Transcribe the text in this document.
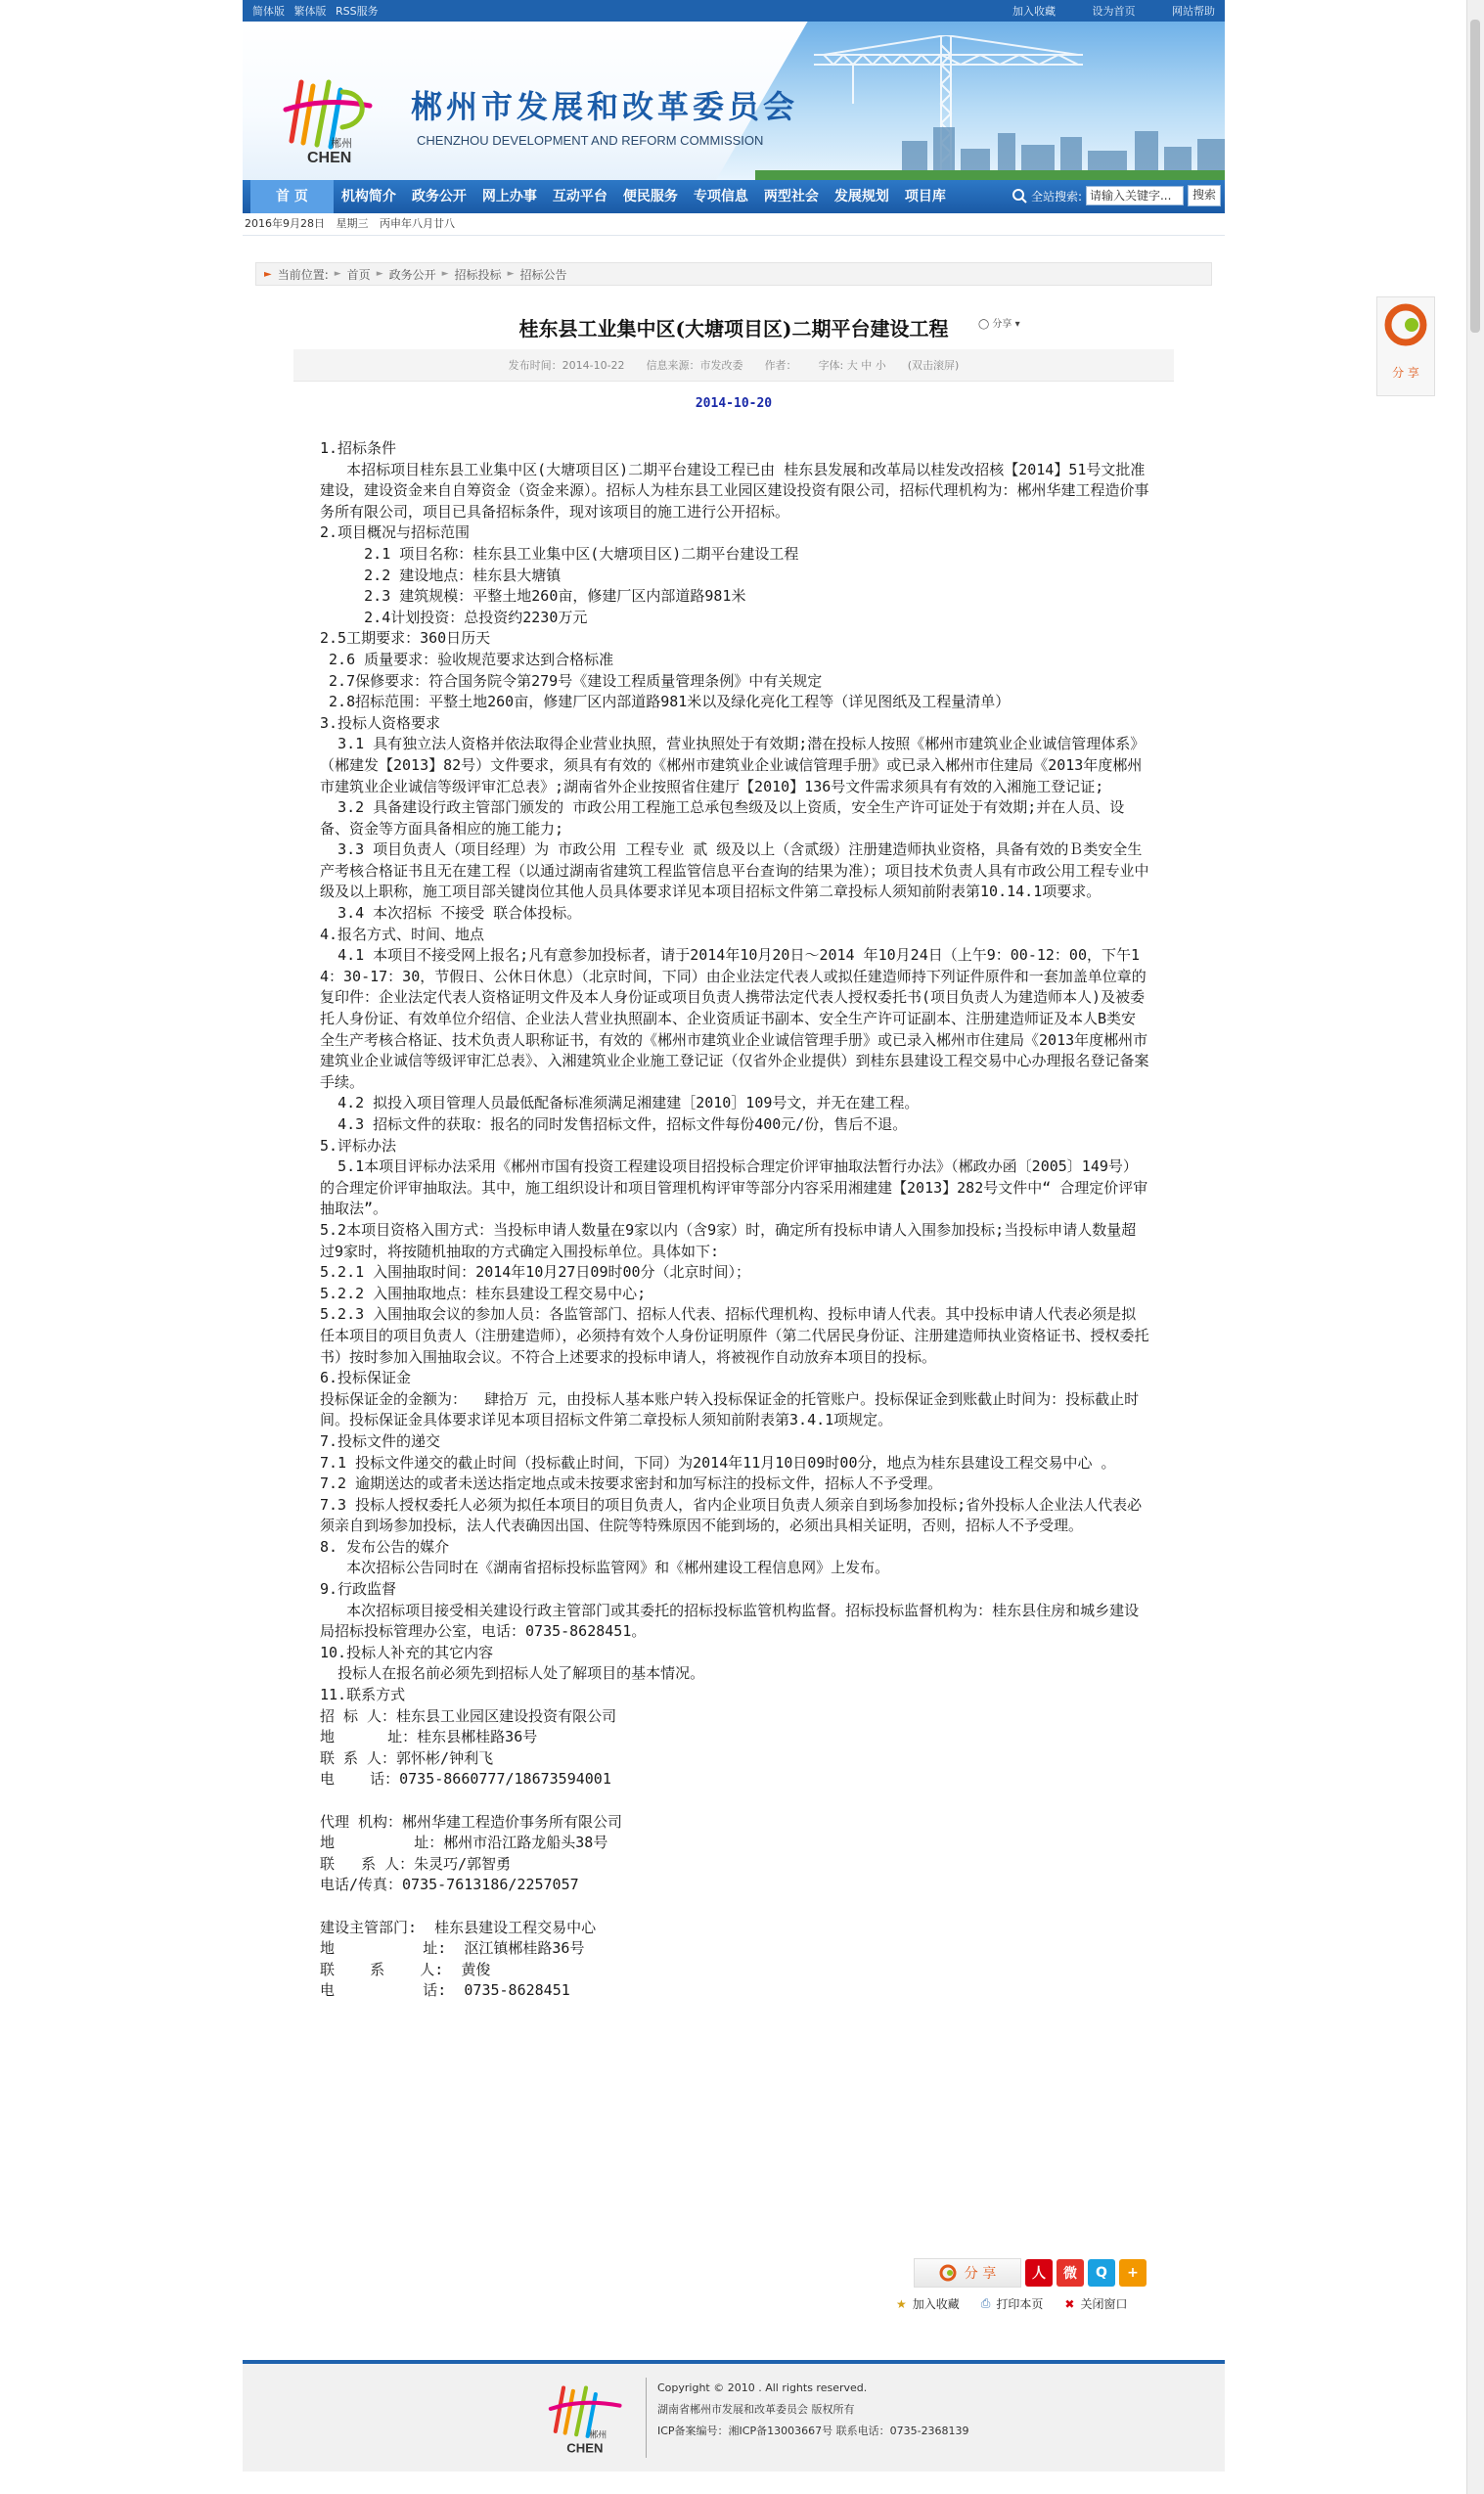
简体版 繁体版 RSS服务	加入收藏	设为首页	网站帮助
郴州
CHEN
郴州市发展和改革委员会
CHENZHOU DEVELOPMENT AND REFORM COMMISSION
首 页	机构简介	政务公开	网上办事	互动平台	便民服务	专项信息	两型社会	发展规划	项目库	全站搜索: 请输入关键字...	搜索
2016年9月28日 星期三 丙申年八月廿八
► 当前位置: ► 首页 ► 政务公开 ► 招标投标 ► 招标公告
桂东县工业集中区(大塘项目区)二期平台建设工程	◯ 分享 ▾
发布时间：2014-10-22 信息来源：市发改委 作者： 字体: 大 中 小 (双击滚屏)
2014-10-20

1.招标条件

本招标项目桂东县工业集中区(大塘项目区)二期平台建设工程已由 桂东县发展和改革局以桂发改招核【2014】51号文批准建设，建设资金来自自筹资金（资金来源）。招标人为桂东县工业园区建设投资有限公司，招标代理机构为：郴州华建工程造价事务所有限公司，项目已具备招标条件，现对该项目的施工进行公开招标。

2.项目概况与招标范围

2.1 项目名称：桂东县工业集中区(大塘项目区)二期平台建设工程

2.2 建设地点：桂东县大塘镇

2.3 建筑规模：平整土地260亩，修建厂区内部道路981米

2.4计划投资：总投资约2230万元

2.5工期要求：360日历天

2.6 质量要求：验收规范要求达到合格标准

2.7保修要求：符合国务院令第279号《建设工程质量管理条例》中有关规定

2.8招标范围：平整土地260亩，修建厂区内部道路981米以及绿化亮化工程等（详见图纸及工程量清单）

3.投标人资格要求

3.1 具有独立法人资格并依法取得企业营业执照，营业执照处于有效期;潜在投标人按照《郴州市建筑业企业诚信管理体系》（郴建发【2013】82号）文件要求，须具有有效的《郴州市建筑业企业诚信管理手册》或已录入郴州市住建局《2013年度郴州市建筑业企业诚信等级评审汇总表》;湖南省外企业按照省住建厅【2010】136号文件需求须具有有效的入湘施工登记证;

3.2 具备建设行政主管部门颁发的 市政公用工程施工总承包叁级及以上资质，安全生产许可证处于有效期;并在人员、设备、资金等方面具备相应的施工能力;

3.3 项目负责人（项目经理）为 市政公用 工程专业 贰 级及以上（含贰级）注册建造师执业资格，具备有效的Ｂ类安全生产考核合格证书且无在建工程（以通过湖南省建筑工程监管信息平台查询的结果为准）；项目技术负责人具有市政公用工程专业中级及以上职称，施工项目部关键岗位其他人员具体要求详见本项目招标文件第二章投标人须知前附表第10.14.1项要求。

3.4 本次招标 不接受 联合体投标。

4.报名方式、时间、地点

4.1 本项目不接受网上报名;凡有意参加投标者，请于2014年10月20日～2014 年10月24日（上午9：00-12：00，下午14：30-17：30，节假日、公休日休息）（北京时间，下同）由企业法定代表人或拟任建造师持下列证件原件和一套加盖单位章的复印件：企业法定代表人资格证明文件及本人身份证或项目负责人携带法定代表人授权委托书(项目负责人为建造师本人)及被委托人身份证、有效单位介绍信、企业法人营业执照副本、企业资质证书副本、安全生产许可证副本、注册建造师证及本人B类安全生产考核合格证、技术负责人职称证书，有效的《郴州市建筑业企业诚信管理手册》或已录入郴州市住建局《2013年度郴州市建筑业企业诚信等级评审汇总表》、入湘建筑业企业施工登记证（仅省外企业提供）到桂东县建设工程交易中心办理报名登记备案手续。

4.2 拟投入项目管理人员最低配备标准须满足湘建建［2010］109号文，并无在建工程。

4.3 招标文件的获取：报名的同时发售招标文件，招标文件每份400元/份，售后不退。

5.评标办法

5.1本项目评标办法采用《郴州市国有投资工程建设项目招投标合理定价评审抽取法暂行办法》（郴政办函〔2005〕149号）的合理定价评审抽取法。其中，施工组织设计和项目管理机构评审等部分内容采用湘建建【2013】282号文件中“ 合理定价评审抽取法”。

5.2本项目资格入围方式：当投标申请人数量在9家以内（含9家）时，确定所有投标申请人入围参加投标;当投标申请人数量超过9家时，将按随机抽取的方式确定入围投标单位。具体如下:

5.2.1 入围抽取时间：2014年10月27日09时00分（北京时间）；

5.2.2 入围抽取地点：桂东县建设工程交易中心;

5.2.3 入围抽取会议的参加人员：各监管部门、招标人代表、招标代理机构、投标申请人代表。其中投标申请人代表必须是拟任本项目的项目负责人（注册建造师），必须持有效个人身份证明原件（第二代居民身份证、注册建造师执业资格证书、授权委托书）按时参加入围抽取会议。不符合上述要求的投标申请人，将被视作自动放弃本项目的投标。

6.投标保证金

投标保证金的金额为：  肆拾万 元，由投标人基本账户转入投标保证金的托管账户。投标保证金到账截止时间为：投标截止时间。投标保证金具体要求详见本项目招标文件第二章投标人须知前附表第3.4.1项规定。

7.投标文件的递交

7.1 投标文件递交的截止时间（投标截止时间，下同）为2014年11月10日09时00分，地点为桂东县建设工程交易中心 。

7.2 逾期送达的或者未送达指定地点或未按要求密封和加写标注的投标文件，招标人不予受理。

7.3 投标人授权委托人必须为拟任本项目的项目负责人，省内企业项目负责人须亲自到场参加投标;省外投标人企业法人代表必须亲自到场参加投标，法人代表确因出国、住院等特殊原因不能到场的，必须出具相关证明，否则，招标人不予受理。

8. 发布公告的媒介

本次招标公告同时在《湖南省招标投标监管网》和《郴州建设工程信息网》上发布。

9.行政监督

本次招标项目接受相关建设行政主管部门或其委托的招标投标监管机构监督。招标投标监督机构为：桂东县住房和城乡建设局招标投标管理办公室，电话：0735-8628451。

10.投标人补充的其它内容

投标人在报名前必须先到招标人处了解项目的基本情况。

11.联系方式

招 标 人：桂东县工业园区建设投资有限公司

地      址：桂东县郴桂路36号

联 系 人：郭怀彬/钟利飞

电    话：0735-8660777/18673594001

代理 机构：郴州华建工程造价事务所有限公司

地         址：郴州市沿江路龙船头38号

联   系 人：朱灵巧/郭智勇

电话/传真：0735-7613186/2257057

建设主管部门:  桂东县建设工程交易中心

地          址:  沤江镇郴桂路36号

联    系    人:  黄俊

电          话:  0735-8628451

分 享	人	微	Q	+
★ 加入收藏 ⎙ 打印本页 ✖ 关闭窗口
郴州
CHEN
Copyright © 2010 . All rights reserved.
湖南省郴州市发展和改革委员会 版权所有
ICP备案编号：湘ICP备13003667号 联系电话：0735-2368139
分 享
